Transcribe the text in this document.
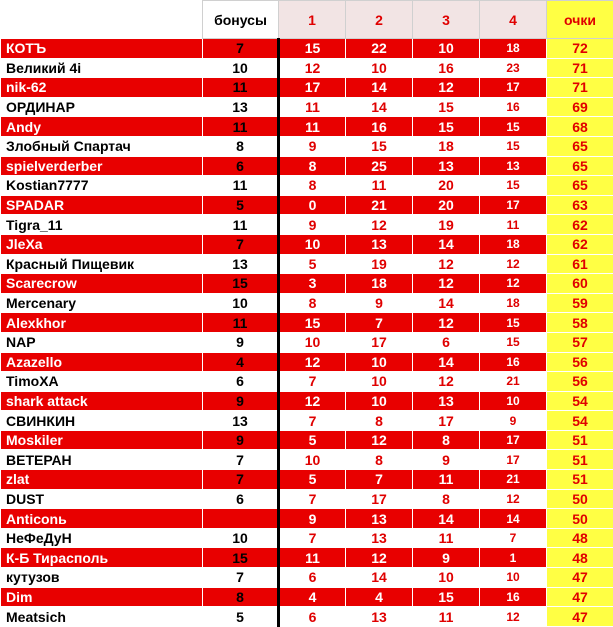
	бонусы	1	2	3	4	очки
КОТЪ	7	15	22	10	18	72
Великий 4i	10	12	10	16	23	71
nik-62	11	17	14	12	17	71
ОРДИНАР	13	11	14	15	16	69
Andy	11	11	16	15	15	68
Злобный Спартач	8	9	15	18	15	65
spielverderber	6	8	25	13	13	65
Kostian7777	11	8	11	20	15	65
SPADAR	5	0	21	20	17	63
Tigra_11	11	9	12	19	11	62
JleXa	7	10	13	14	18	62
Красный Пищевик	13	5	19	12	12	61
Scarecrow	15	3	18	12	12	60
Mercenary	10	8	9	14	18	59
Alexkhor	11	15	7	12	15	58
NAP	9	10	17	6	15	57
Azazello	4	12	10	14	16	56
TimoXA	6	7	10	12	21	56
shark attack	9	12	10	13	10	54
СВИНКИН	13	7	8	17	9	54
Moskiler	9	5	12	8	17	51
ВЕТЕРАН	7	10	8	9	17	51
zlat	7	5	7	11	21	51
DUST	6	7	17	8	12	50
Anticonь		9	13	14	14	50
НеФеДуН	10	7	13	11	7	48
К-Б Тирасполь	15	11	12	9	1	48
кутузов	7	6	14	10	10	47
Dim	8	4	4	15	16	47
Meatsich	5	6	13	11	12	47
